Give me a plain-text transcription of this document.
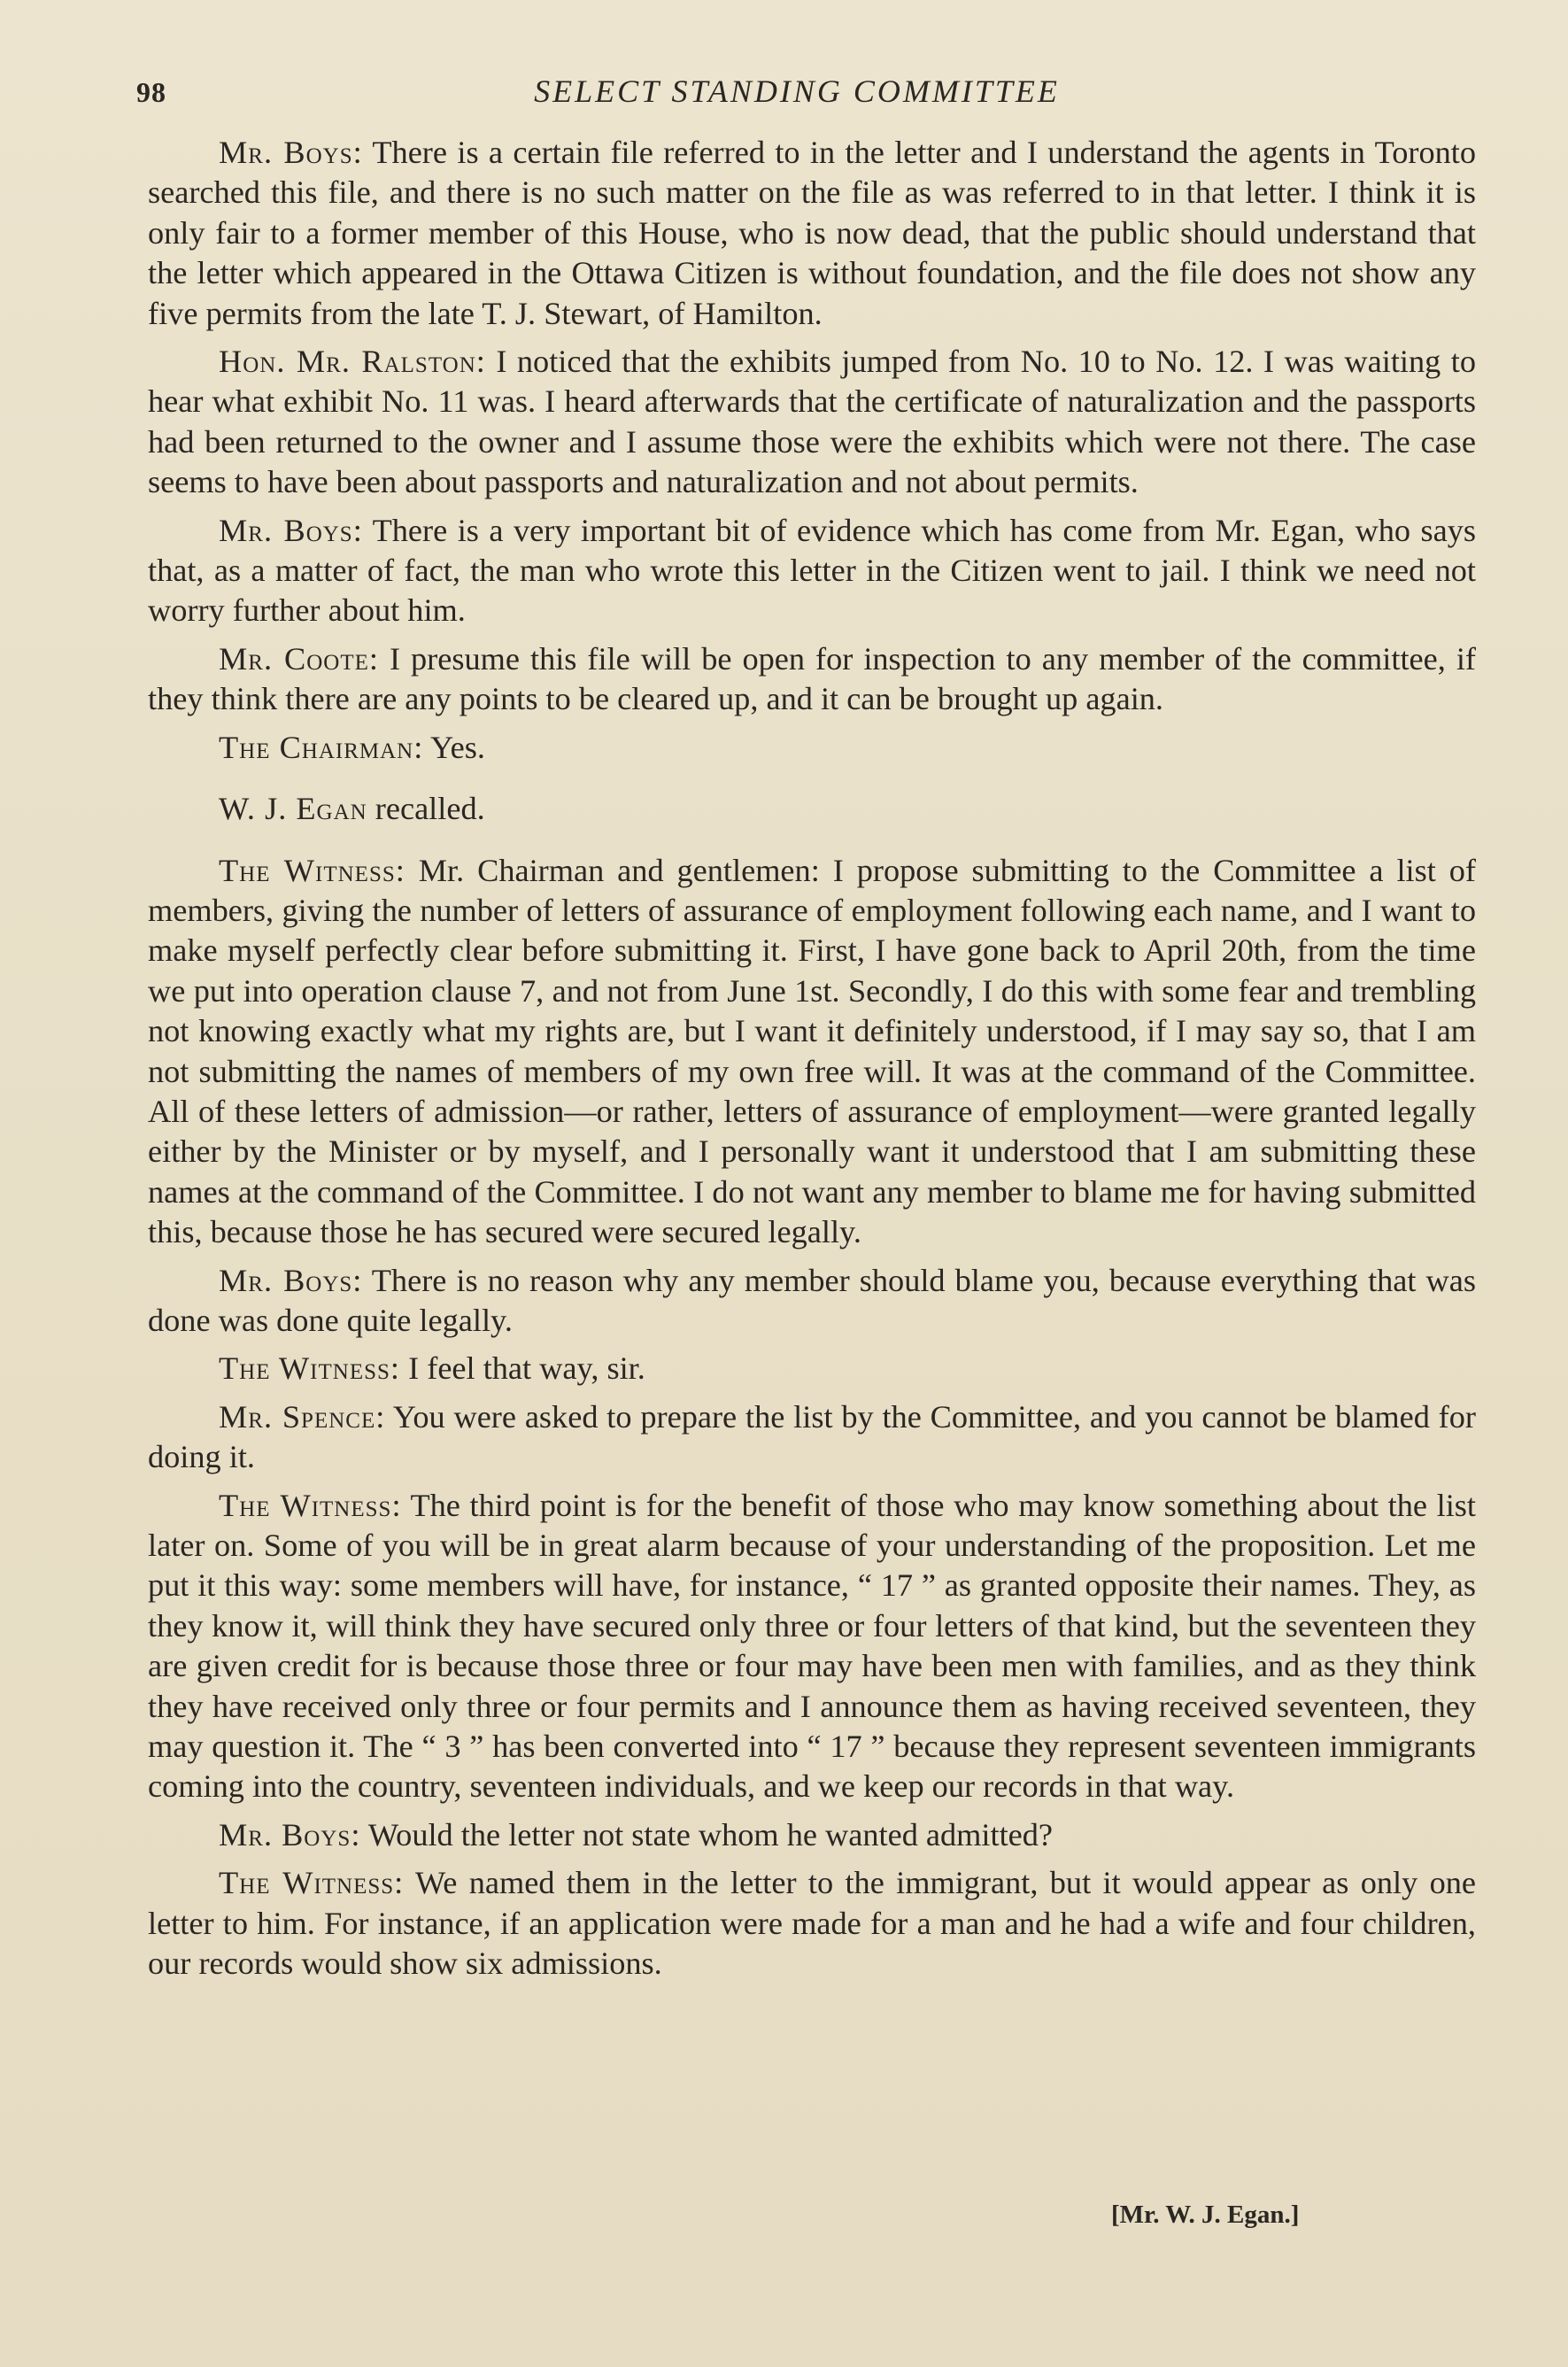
98	SELECT STANDING COMMITTEE

Mr. Boys: There is a certain file referred to in the letter and I understand the agents in Toronto searched this file, and there is no such matter on the file as was referred to in that letter. I think it is only fair to a former member of this House, who is now dead, that the public should understand that the letter which appeared in the Ottawa Citizen is without foundation, and the file does not show any five permits from the late T. J. Stewart, of Hamilton.

Hon. Mr. Ralston: I noticed that the exhibits jumped from No. 10 to No. 12. I was waiting to hear what exhibit No. 11 was. I heard afterwards that the certificate of naturalization and the passports had been returned to the owner and I assume those were the exhibits which were not there. The case seems to have been about passports and naturalization and not about permits.

Mr. Boys: There is a very important bit of evidence which has come from Mr. Egan, who says that, as a matter of fact, the man who wrote this letter in the Citizen went to jail. I think we need not worry further about him.

Mr. Coote: I presume this file will be open for inspection to any member of the committee, if they think there are any points to be cleared up, and it can be brought up again.

The Chairman: Yes.

W. J. Egan recalled.

The Witness: Mr. Chairman and gentlemen: I propose submitting to the Committee a list of members, giving the number of letters of assurance of employment following each name, and I want to make myself perfectly clear before submitting it. First, I have gone back to April 20th, from the time we put into operation clause 7, and not from June 1st. Secondly, I do this with some fear and trembling not knowing exactly what my rights are, but I want it definitely understood, if I may say so, that I am not submitting the names of members of my own free will. It was at the command of the Committee. All of these letters of admission—or rather, letters of assurance of employment—were granted legally either by the Minister or by myself, and I personally want it understood that I am submitting these names at the command of the Committee. I do not want any member to blame me for having submitted this, because those he has secured were secured legally.

Mr. Boys: There is no reason why any member should blame you, because everything that was done was done quite legally.

The Witness: I feel that way, sir.

Mr. Spence: You were asked to prepare the list by the Committee, and you cannot be blamed for doing it.

The Witness: The third point is for the benefit of those who may know something about the list later on. Some of you will be in great alarm because of your understanding of the proposition. Let me put it this way: some members will have, for instance, “ 17 ” as granted opposite their names. They, as they know it, will think they have secured only three or four letters of that kind, but the seventeen they are given credit for is because those three or four may have been men with families, and as they think they have received only three or four permits and I announce them as having received seventeen, they may question it. The “ 3 ” has been converted into “ 17 ” because they represent seventeen immigrants coming into the country, seventeen individuals, and we keep our records in that way.

Mr. Boys: Would the letter not state whom he wanted admitted?

The Witness: We named them in the letter to the immigrant, but it would appear as only one letter to him. For instance, if an application were made for a man and he had a wife and four children, our records would show six admissions.

[Mr. W. J. Egan.]
